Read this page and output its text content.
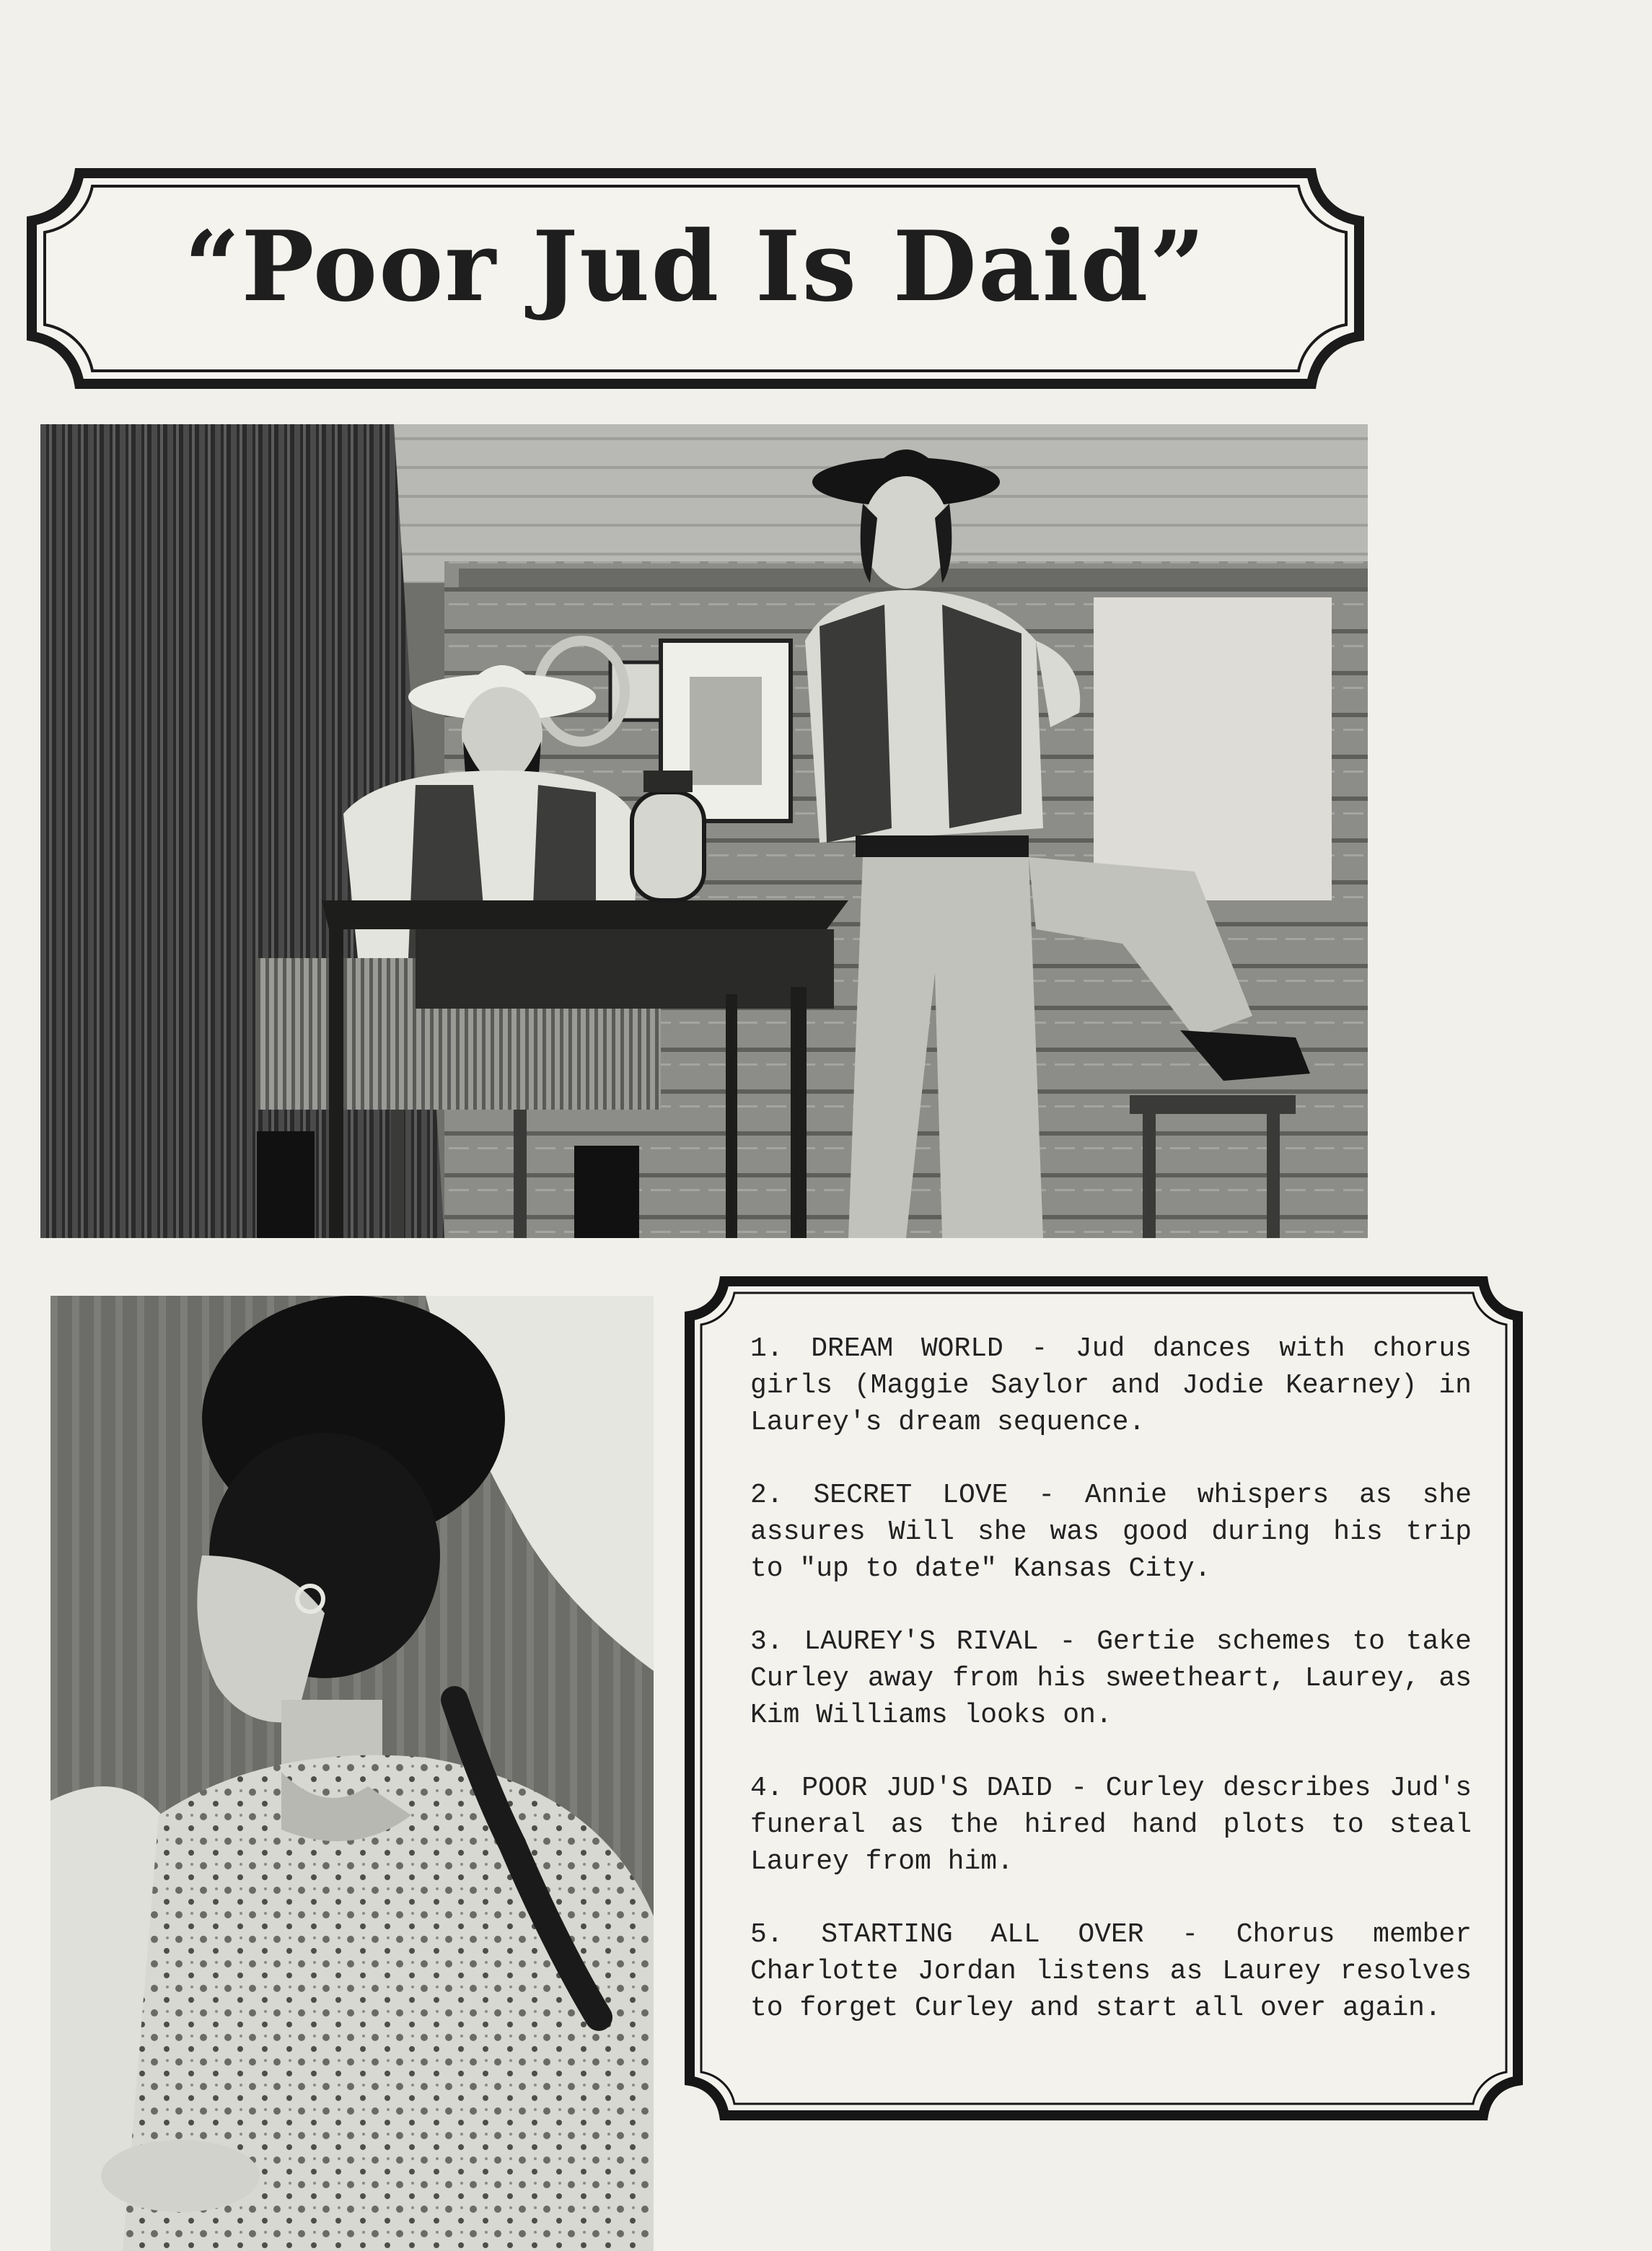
“Poor Jud Is Daid”
1. DREAM WORLD - Jud dances with chorus girls (Maggie Saylor and Jodie Kearney) in Laurey's dream sequence.
2. SECRET LOVE - Annie whispers as she assures Will she was good during his trip to "up to date" Kansas City.
3. LAUREY'S RIVAL - Gertie schemes to take Curley away from his sweetheart, Laurey, as Kim Williams looks on.
4. POOR JUD'S DAID - Curley describes Jud's funeral as the hired hand plots to steal Laurey from him.
5. STARTING ALL OVER - Chorus member Charlotte Jordan listens as Laurey resolves to forget Curley and start all over again.
